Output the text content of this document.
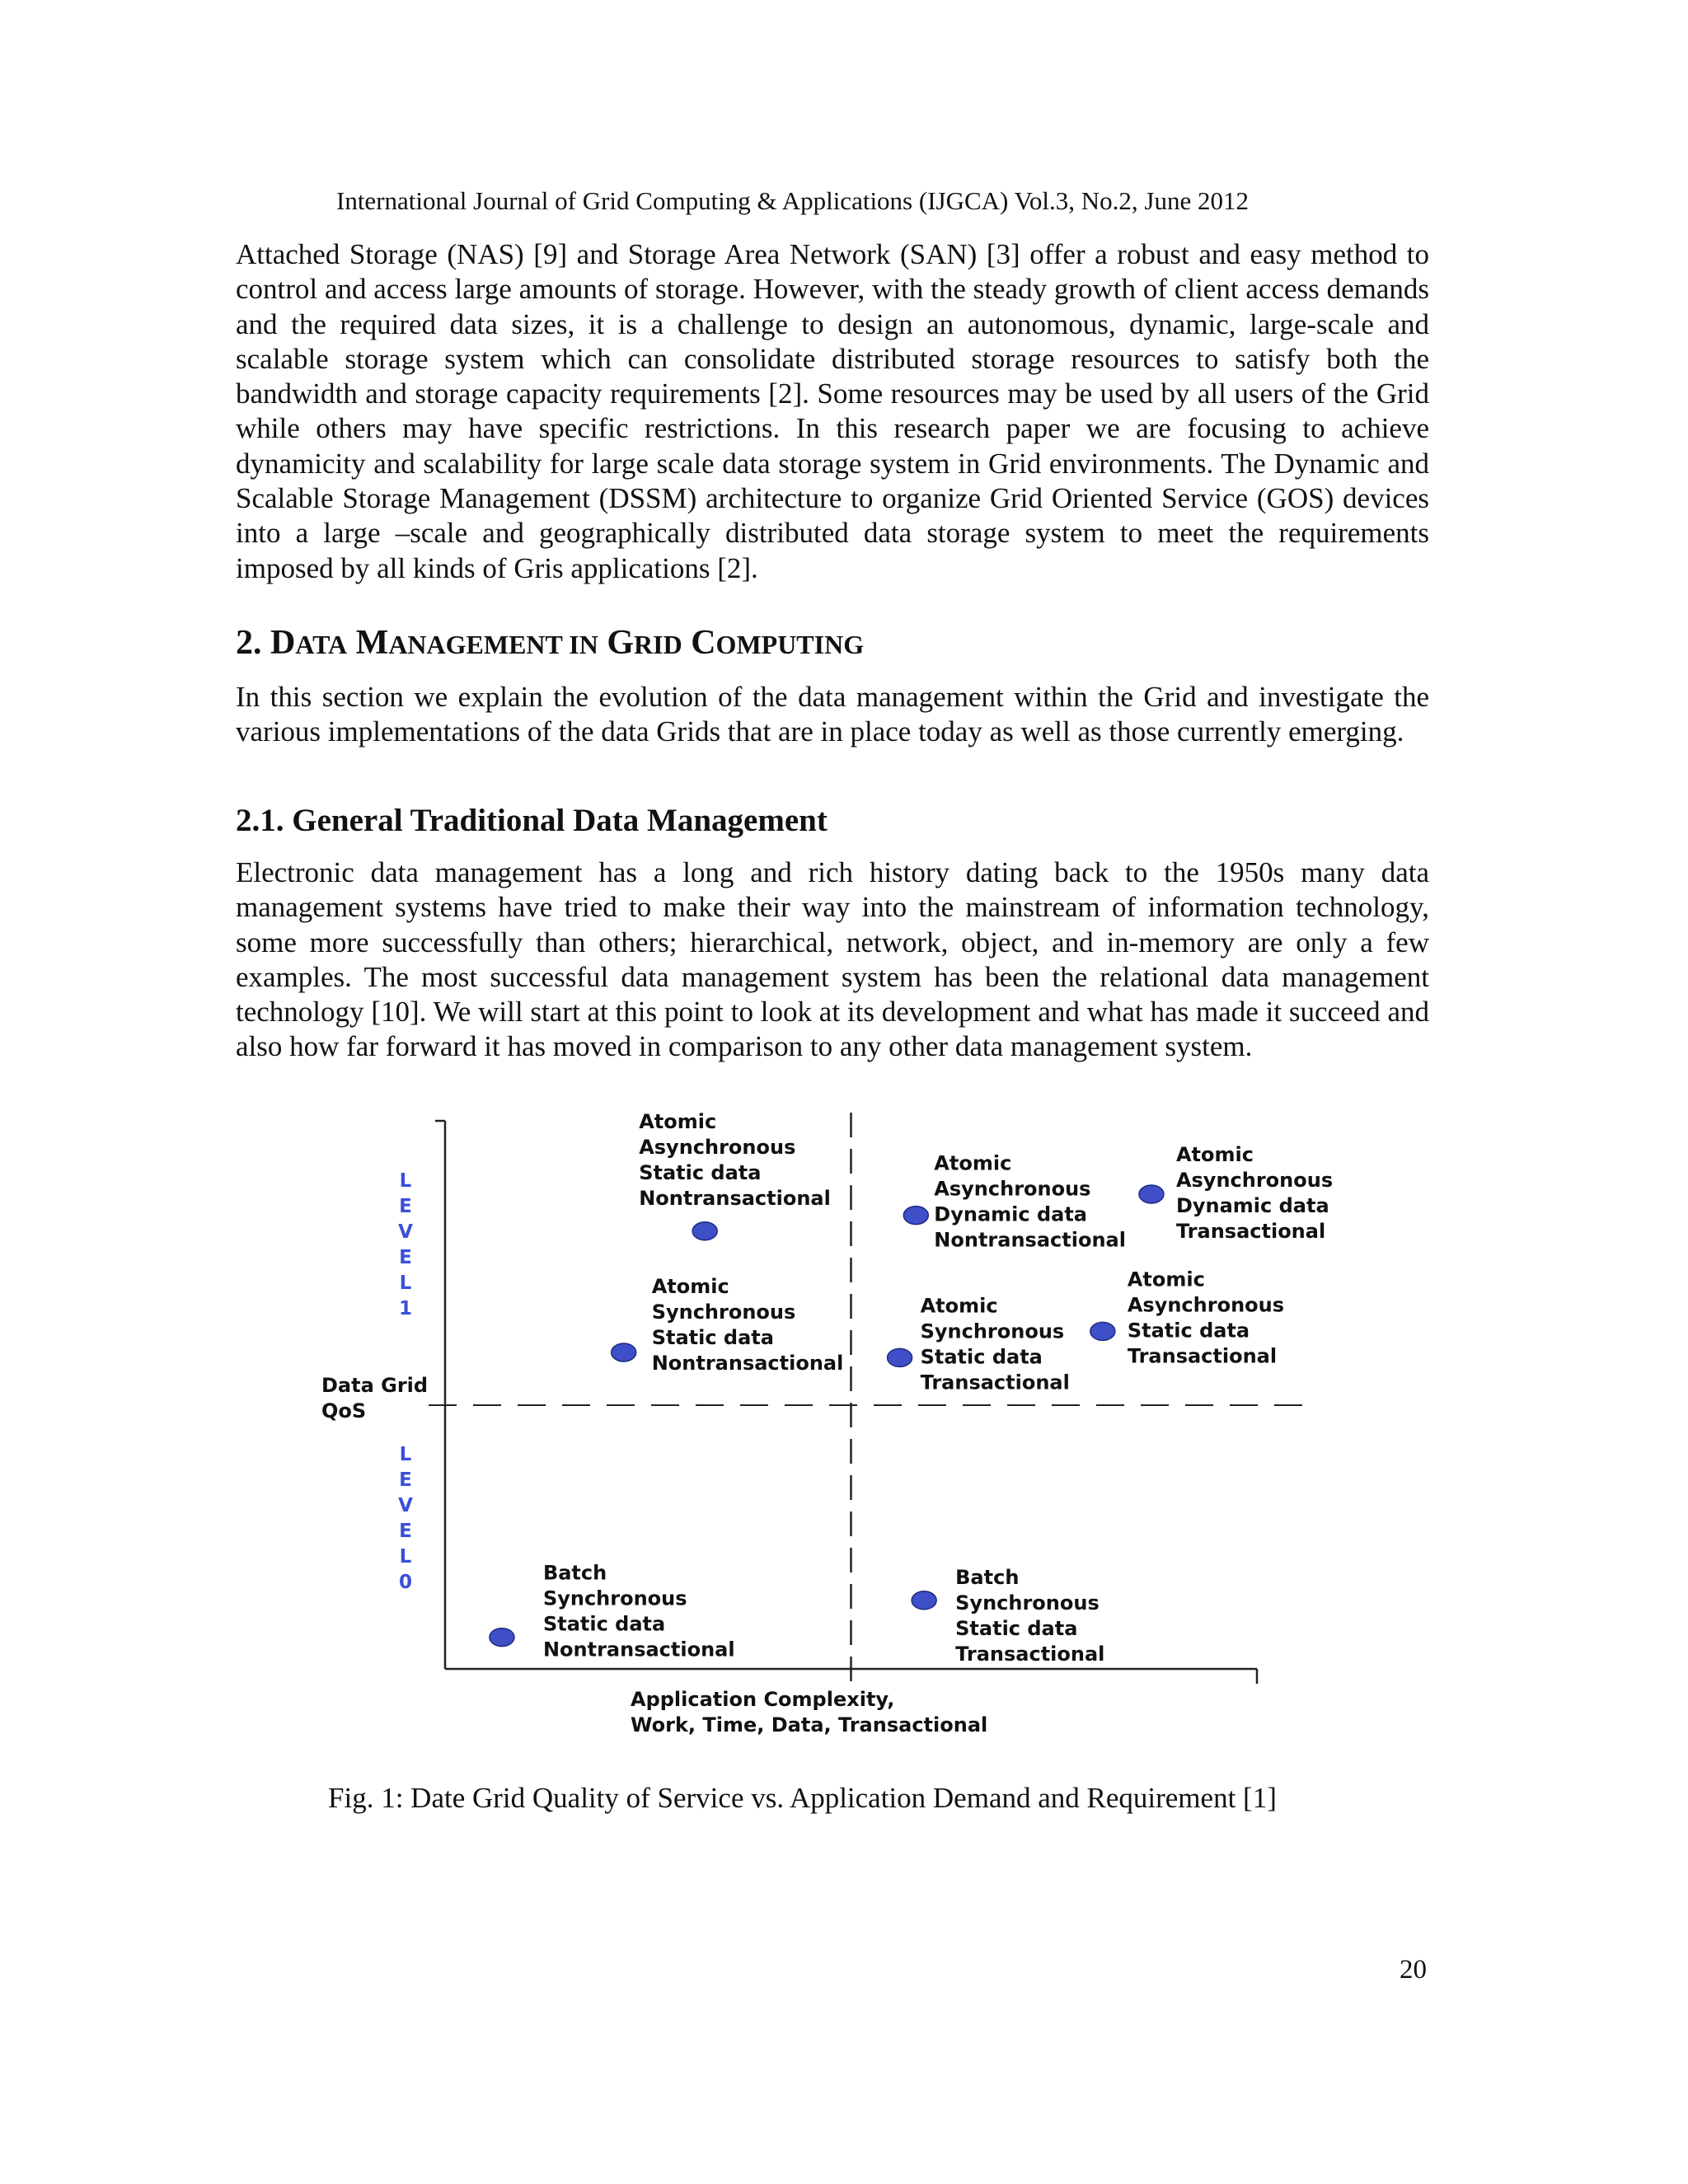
International Journal of Grid Computing & Applications (IJGCA) Vol.3, No.2, June 2012

Attached Storage (NAS) [9] and Storage Area Network (SAN) [3] offer a robust and easy method to control and access large amounts of storage. However, with the steady growth of client access demands and the required data sizes, it is a challenge to design an autonomous, dynamic, large-scale and scalable storage system which can consolidate distributed storage resources to satisfy both the bandwidth and storage capacity requirements [2]. Some resources may be used by all users of the Grid while others may have specific restrictions. In this research paper we are focusing to achieve dynamicity and scalability for large scale data storage system in Grid environments. The Dynamic and Scalable Storage Management (DSSM) architecture to organize Grid Oriented Service (GOS) devices into a large –scale and geographically distributed data storage system to meet the requirements imposed by all kinds of Gris applications [2].

2. DATA MANAGEMENT IN GRID COMPUTING

In this section we explain the evolution of the data management within the Grid and investigate the various implementations of the data Grids that are in place today as well as those currently emerging.

2.1. General Traditional Data Management

Electronic data management has a long and rich history dating back to the 1950s many data management systems have tried to make their way into the mainstream of information technology, some more successfully than others; hierarchical, network, object, and in-memory are only a few examples. The most successful data management system has been the relational data management technology [10]. We will start at this point to look at its development and what has made it succeed and also how far forward it has moved in comparison to any other data management system.

Data Grid
QoS
L
E
V
E
L
1
L
E
V
E
L
0
Application Complexity,
Work, Time, Data, Transactional
Atomic
Asynchronous
Static data
Nontransactional
Atomic
Asynchronous
Dynamic data
Nontransactional
Atomic
Asynchronous
Dynamic data
Transactional
Atomic
Synchronous
Static data
Nontransactional
Atomic
Synchronous
Static data
Transactional
Atomic
Asynchronous
Static data
Transactional
Batch
Synchronous
Static data
Nontransactional
Batch
Synchronous
Static data
Transactional
Fig. 1: Date Grid Quality of Service vs. Application Demand and Requirement [1]
20
